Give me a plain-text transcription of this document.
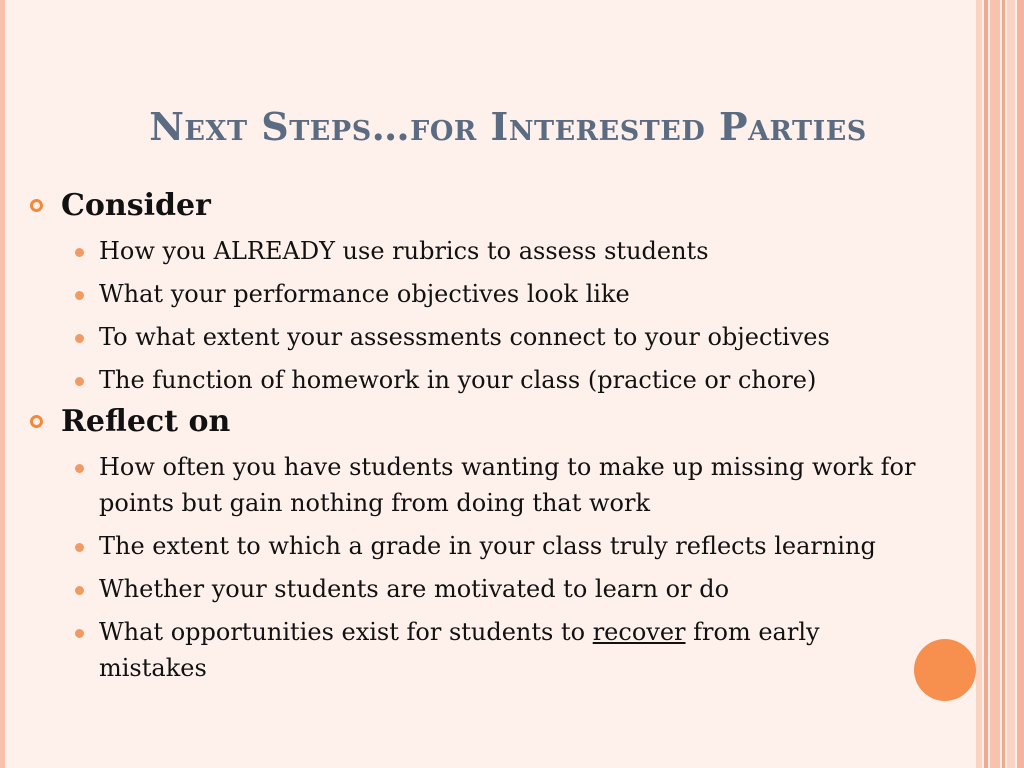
Next Steps…for Interested Parties
Consider
How you ALREADY use rubrics to assess students
What your performance objectives look like
To what extent your assessments connect to your objectives
The function of homework in your class (practice or chore)
Reflect on
How often you have students wanting to make up missing work for points but gain nothing from doing that work
The extent to which a grade in your class truly reflects learning
Whether your students are motivated to learn or do
What opportunities exist for students to recover from early mistakes
